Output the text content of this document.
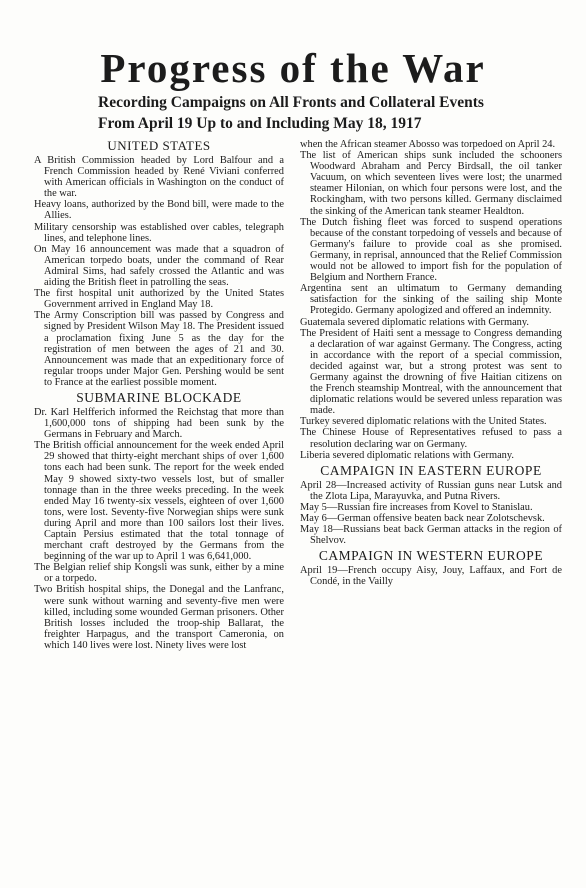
Progress of the War
Recording Campaigns on All Fronts and Collateral Events
From April 19 Up to and Including May 18, 1917
UNITED STATES

A British Commission headed by Lord Balfour and a French Commission headed by René Viviani conferred with American officials in Washington on the conduct of the war.

Heavy loans, authorized by the Bond bill, were made to the Allies.

Military censorship was established over cables, telegraph lines, and telephone lines.

On May 16 announcement was made that a squadron of American torpedo boats, under the command of Rear Admiral Sims, had safely crossed the Atlantic and was aiding the British fleet in patrolling the seas.

The first hospital unit authorized by the United States Government arrived in England May 18.

The Army Conscription bill was passed by Congress and signed by President Wilson May 18. The President issued a proclamation fixing June 5 as the day for the registration of men between the ages of 21 and 30. Announcement was made that an expeditionary force of regular troops under Major Gen. Pershing would be sent to France at the earliest possible moment.

SUBMARINE BLOCKADE

Dr. Karl Helfferich informed the Reichstag that more than 1,600,000 tons of shipping had been sunk by the Germans in February and March.

The British official announcement for the week ended April 29 showed that thirty-eight merchant ships of over 1,600 tons each had been sunk. The report for the week ended May 9 showed sixty-two vessels lost, but of smaller tonnage than in the three weeks preceding. In the week ended May 16 twenty-six vessels, eighteen of over 1,600 tons, were lost. Seventy-five Norwegian ships were sunk during April and more than 100 sailors lost their lives. Captain Persius estimated that the total tonnage of merchant craft destroyed by the Germans from the beginning of the war up to April 1 was 6,641,000.

The Belgian relief ship Kongsli was sunk, either by a mine or a torpedo.

Two British hospital ships, the Donegal and the Lanfranc, were sunk without warning and seventy-five men were killed, including some wounded German prisoners. Other British losses included the troop-ship Ballarat, the freighter Harpagus, and the transport Cameronia, on which 140 lives were lost. Ninety lives were lost

when the African steamer Abosso was torpedoed on April 24.

The list of American ships sunk included the schooners Woodward Abraham and Percy Birdsall, the oil tanker Vacuum, on which seventeen lives were lost; the unarmed steamer Hilonian, on which four persons were lost, and the Rockingham, with two persons killed. Germany disclaimed the sinking of the American tank steamer Healdton.

The Dutch fishing fleet was forced to suspend operations because of the constant torpedoing of vessels and because of Germany's failure to provide coal as she promised. Germany, in reprisal, announced that the Relief Commission would not be allowed to import fish for the population of Belgium and Northern France.

Argentina sent an ultimatum to Germany demanding satisfaction for the sinking of the sailing ship Monte Protegido. Germany apologized and offered an indemnity.

Guatemala severed diplomatic relations with Germany.

The President of Haiti sent a message to Congress demanding a declaration of war against Germany. The Congress, acting in accordance with the report of a special commission, decided against war, but a strong protest was sent to Germany against the drowning of five Haitian citizens on the French steamship Montreal, with the announcement that diplomatic relations would be severed unless reparation was made.

Turkey severed diplomatic relations with the United States.

The Chinese House of Representatives refused to pass a resolution declaring war on Germany.

Liberia severed diplomatic relations with Germany.

CAMPAIGN IN EASTERN EUROPE

April 28—Increased activity of Russian guns near Lutsk and the Zlota Lipa, Marayuvka, and Putna Rivers.

May 5—Russian fire increases from Kovel to Stanislau.

May 6—German offensive beaten back near Zolotschevsk.

May 18—Russians beat back German attacks in the region of Shelvov.

CAMPAIGN IN WESTERN EUROPE

April 19—French occupy Aisy, Jouy, Laffaux, and Fort de Condé, in the Vailly
